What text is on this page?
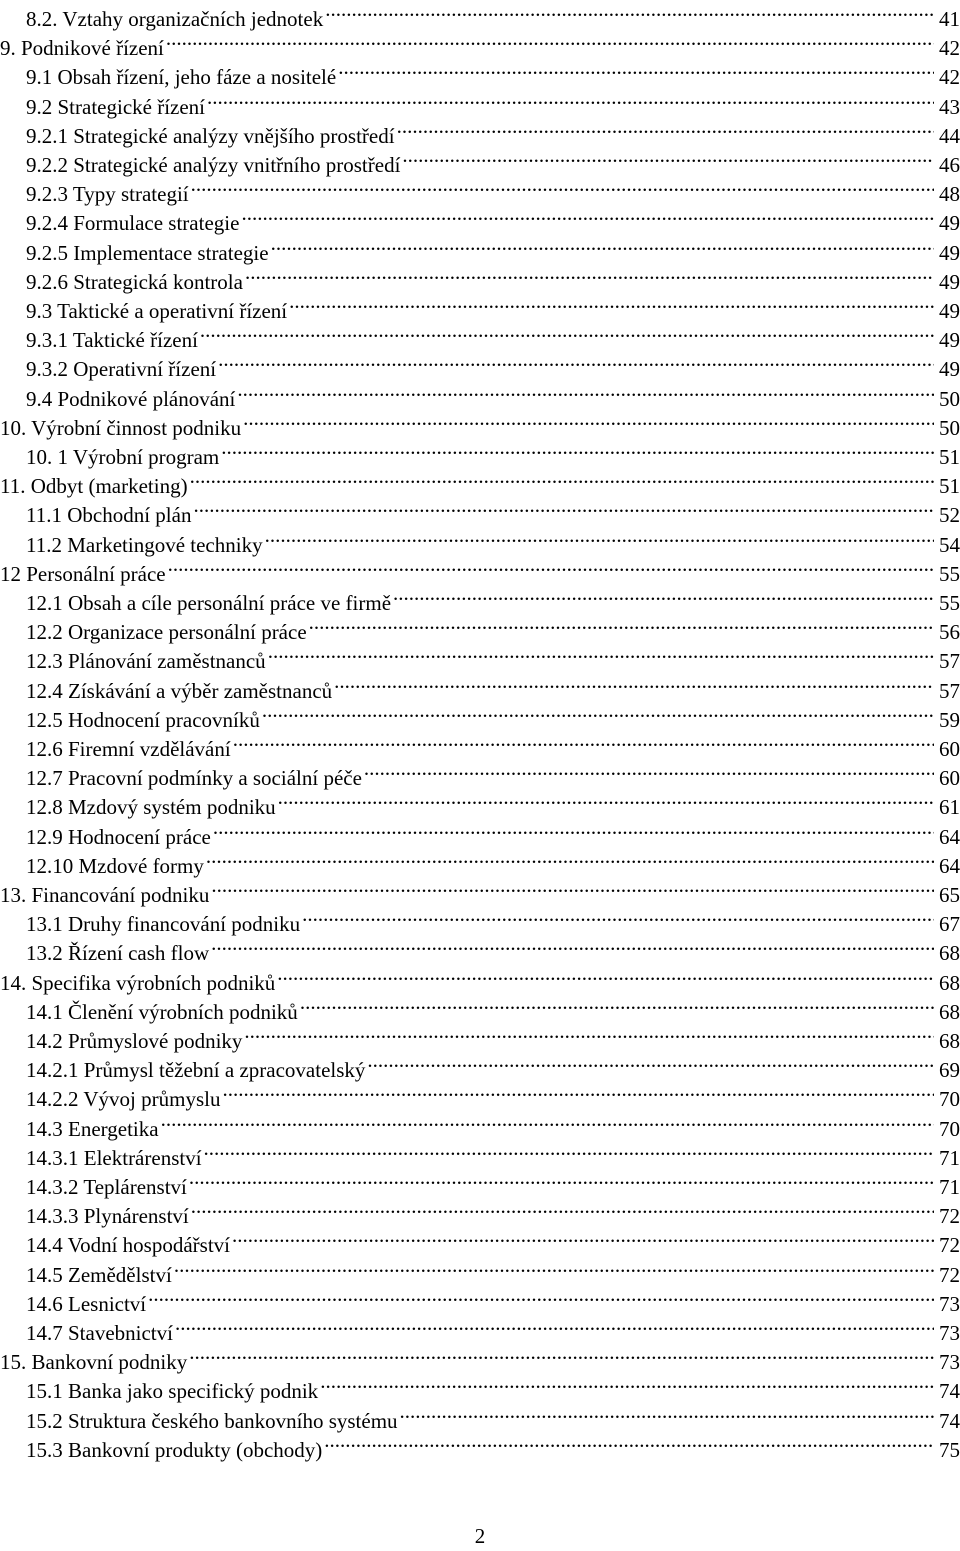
8.2. Vztahy organizačních jednotek .....	41
9. Podnikové řízení .....	42
9.1 Obsah řízení, jeho fáze a nositelé .....	42
9.2 Strategické řízení .....	43
9.2.1 Strategické analýzy vnějšího prostředí .....	44
9.2.2 Strategické analýzy vnitřního prostředí .....	46
9.2.3 Typy strategií .....	48
9.2.4 Formulace strategie .....	49
9.2.5 Implementace strategie .....	49
9.2.6 Strategická kontrola .....	49
9.3 Taktické a operativní řízení .....	49
9.3.1 Taktické řízení .....	49
9.3.2 Operativní řízení .....	49
9.4 Podnikové plánování .....	50
10. Výrobní činnost podniku .....	50
10. 1 Výrobní program .....	51
11. Odbyt (marketing) .....	51
11.1 Obchodní plán .....	52
11.2 Marketingové techniky .....	54
12 Personální práce .....	55
12.1 Obsah a cíle personální práce ve firmě .....	55
12.2 Organizace personální práce .....	56
12.3 Plánování zaměstnanců .....	57
12.4 Získávání a výběr zaměstnanců .....	57
12.5 Hodnocení pracovníků .....	59
12.6 Firemní vzdělávání .....	60
12.7 Pracovní podmínky a sociální péče .....	60
12.8 Mzdový systém podniku .....	61
12.9 Hodnocení práce .....	64
12.10 Mzdové formy .....	64
13. Financování podniku .....	65
13.1 Druhy financování podniku .....	67
13.2 Řízení cash flow .....	68
14. Specifika výrobních podniků .....	68
14.1 Členění výrobních podniků .....	68
14.2 Průmyslové podniky .....	68
14.2.1 Průmysl těžební a zpracovatelský .....	69
14.2.2 Vývoj průmyslu .....	70
14.3 Energetika .....	70
14.3.1 Elektrárenství .....	71
14.3.2 Teplárenství .....	71
14.3.3 Plynárenství .....	72
14.4 Vodní hospodářství .....	72
14.5 Zemědělství .....	72
14.6 Lesnictví .....	73
14.7 Stavebnictví .....	73
15. Bankovní podniky .....	73
15.1 Banka jako specifický podnik .....	74
15.2 Struktura českého bankovního systému .....	74
15.3 Bankovní produkty (obchody) .....	75
2
